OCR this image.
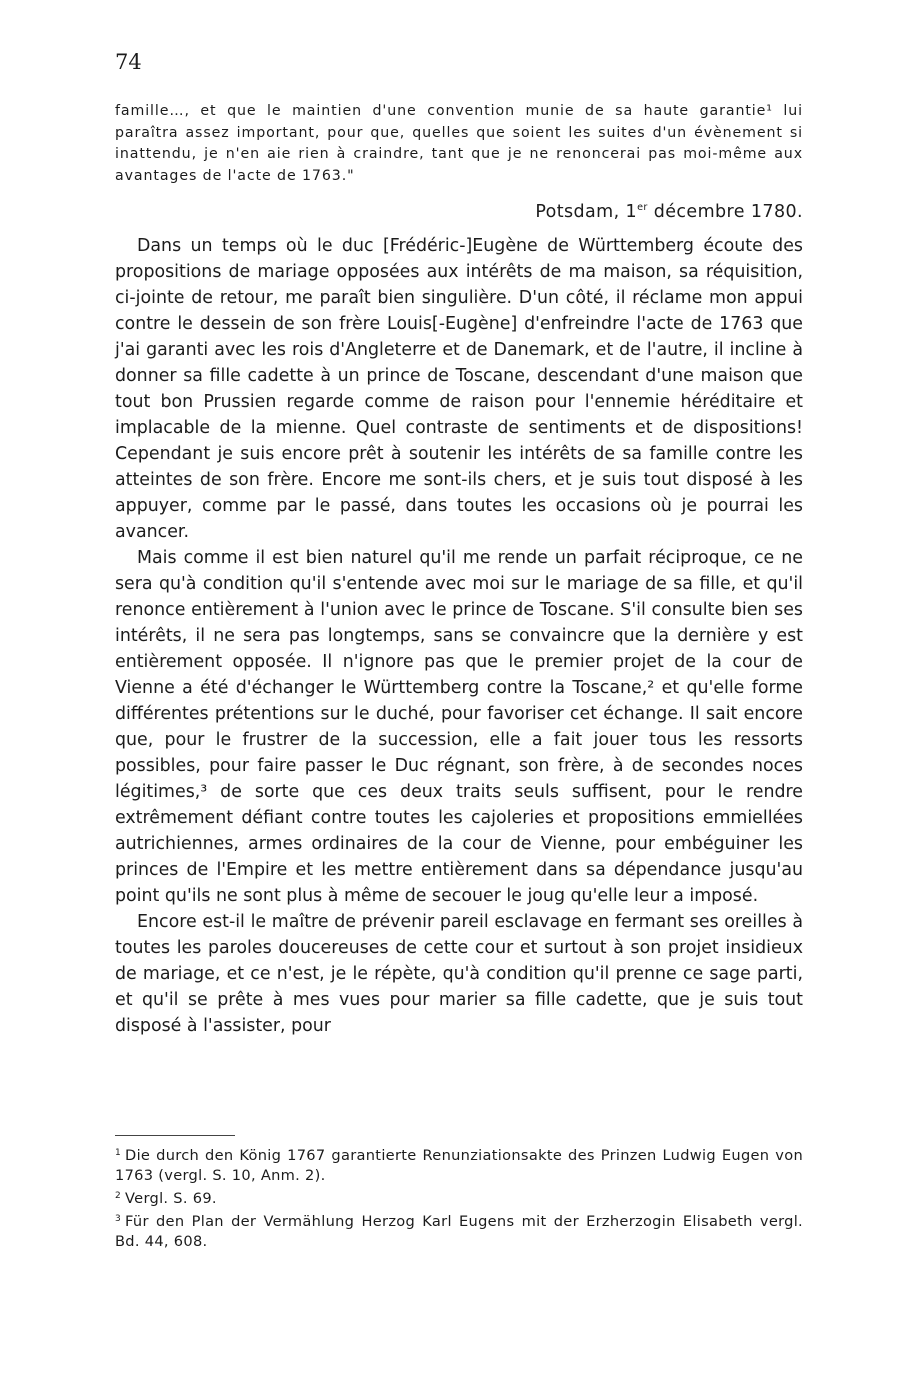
74

famille…, et que le maintien d'une convention munie de sa haute garantie¹ lui paraîtra assez important, pour que, quelles que soient les suites d'un évènement si inattendu, je n'en aie rien à craindre, tant que je ne renoncerai pas moi-même aux avantages de l'acte de 1763."

Potsdam, 1er décembre 1780.

Dans un temps où le duc [Frédéric-]Eugène de Württemberg écoute des propositions de mariage opposées aux intérêts de ma maison, sa réquisition, ci-jointe de retour, me paraît bien singulière. D'un côté, il réclame mon appui contre le dessein de son frère Louis[-Eugène] d'enfreindre l'acte de 1763 que j'ai garanti avec les rois d'Angleterre et de Danemark, et de l'autre, il incline à donner sa fille cadette à un prince de Toscane, descendant d'une maison que tout bon Prussien regarde comme de raison pour l'ennemie héréditaire et implacable de la mienne. Quel contraste de sentiments et de dispositions! Cependant je suis encore prêt à soutenir les intérêts de sa famille contre les atteintes de son frère. Encore me sont-ils chers, et je suis tout disposé à les appuyer, comme par le passé, dans toutes les occasions où je pourrai les avancer.

Mais comme il est bien naturel qu'il me rende un parfait réciproque, ce ne sera qu'à condition qu'il s'entende avec moi sur le mariage de sa fille, et qu'il renonce entièrement à l'union avec le prince de Toscane. S'il consulte bien ses intérêts, il ne sera pas longtemps, sans se convaincre que la dernière y est entièrement opposée. Il n'ignore pas que le premier projet de la cour de Vienne a été d'échanger le Württemberg contre la Toscane,² et qu'elle forme différentes prétentions sur le duché, pour favoriser cet échange. Il sait encore que, pour le frustrer de la succession, elle a fait jouer tous les ressorts possibles, pour faire passer le Duc régnant, son frère, à de secondes noces légitimes,³ de sorte que ces deux traits seuls suffisent, pour le rendre extrêmement défiant contre toutes les cajoleries et propositions emmiellées autrichiennes, armes ordinaires de la cour de Vienne, pour embéguiner les princes de l'Empire et les mettre entièrement dans sa dépendance jusqu'au point qu'ils ne sont plus à même de secouer le joug qu'elle leur a imposé.

Encore est-il le maître de prévenir pareil esclavage en fermant ses oreilles à toutes les paroles doucereuses de cette cour et surtout à son projet insidieux de mariage, et ce n'est, je le répète, qu'à condition qu'il prenne ce sage parti, et qu'il se prête à mes vues pour marier sa fille cadette, que je suis tout disposé à l'assister, pour

$^1$ Die durch den König 1767 garantierte Renunziationsakte des Prinzen Ludwig Eugen von 1763 (vergl. S. 10, Anm. 2).

$^2$ Vergl. S. 69.

$^3$ Für den Plan der Vermählung Herzog Karl Eugens mit der Erzherzogin Elisabeth vergl. Bd. 44, 608.
